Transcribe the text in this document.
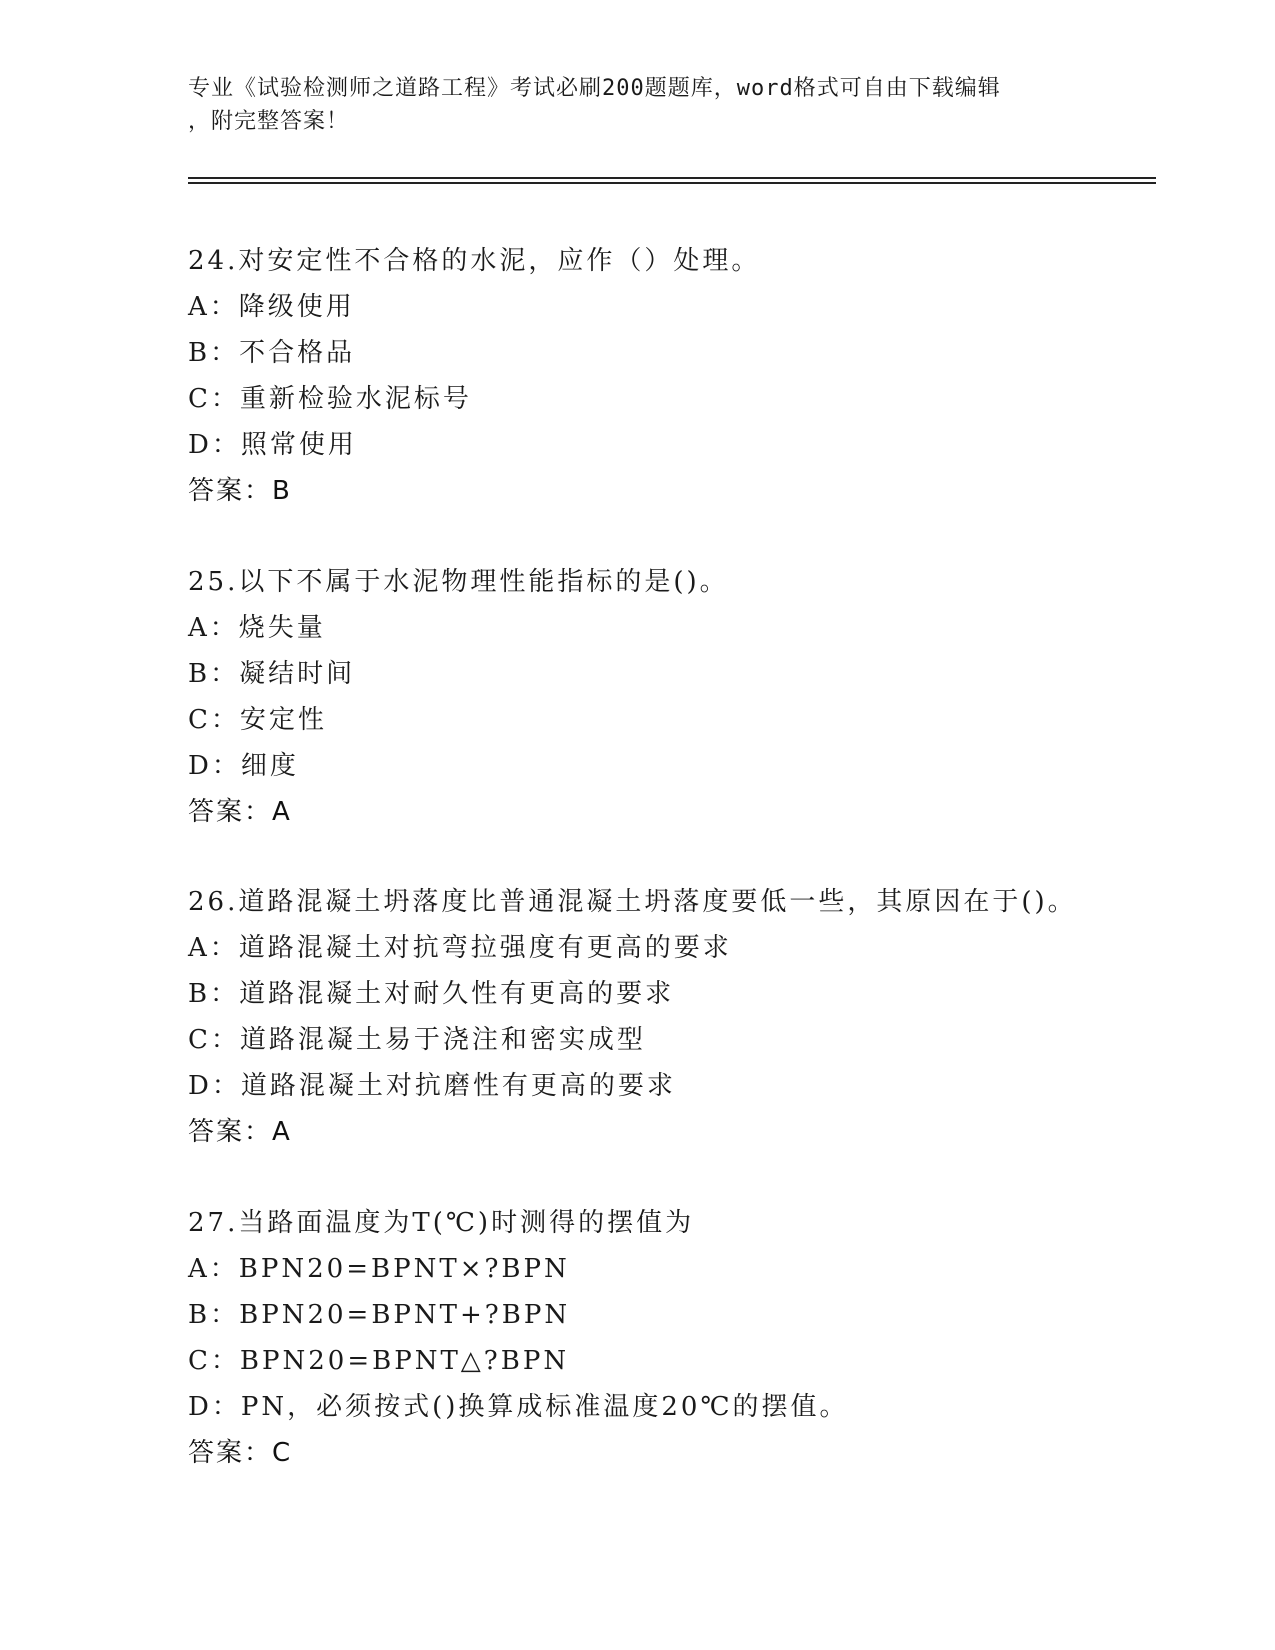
专业《试验检测师之道路工程》考试必刷200题题库，word格式可自由下载编辑
，附完整答案！
24.对安定性不合格的水泥，应作（）处理。
A：降级使用
B：不合格品
C：重新检验水泥标号
D：照常使用
答案：B
25.以下不属于水泥物理性能指标的是()。
A：烧失量
B：凝结时间
C：安定性
D：细度
答案：A
26.道路混凝土坍落度比普通混凝土坍落度要低一些，其原因在于()。
A：道路混凝土对抗弯拉强度有更高的要求
B：道路混凝土对耐久性有更高的要求
C：道路混凝土易于浇注和密实成型
D：道路混凝土对抗磨性有更高的要求
答案：A
27.当路面温度为T(℃)时测得的摆值为
A：BPN20=BPNT×?BPN
B：BPN20=BPNT+?BPN
C：BPN20=BPNT△?BPN
D：PN，必须按式()换算成标准温度20℃的摆值。
答案：C
